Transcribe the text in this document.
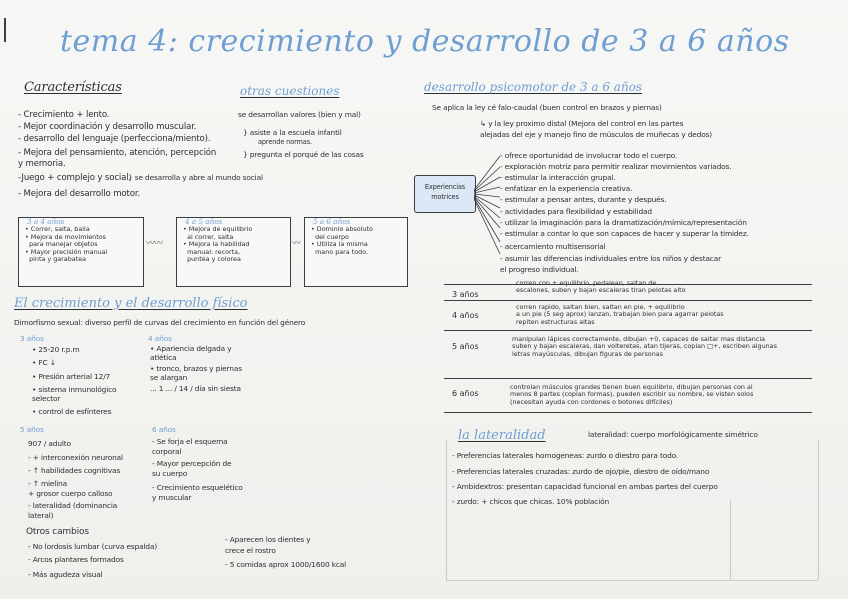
tema 4: crecimiento y desarrollo de 3 a 6 años
Características
- Crecimiento + lento.
- Mejor coordinación y desarrollo muscular.
- desarrollo del lenguaje (perfecciona/miento).
- Mejora del pensamiento, atención, percepción
y memoria.
-Juego + complejo y social.
} se desarrolla y abre al mundo social
- Mejora del desarrollo motor.
otras cuestiones
se desarrollan valores (bien y mal)
} asiste a la escuela infantil
aprende normas.
} pregunta el porqué de las cosas
3 a 4 años
• Correr, salta, baila
• Mejora de movimientos
para manejar objetos
• Mayor precisión manual
pinta y garabatea
〰〰
4 a 5 años
• Mejora de equilibrio
al correr, salta
• Mejora la habilidad
manual: recorta,
puntea y colorea
〰
5 a 6 años
• Dominio absoluto
del cuerpo
• Utiliza la misma
mano para todo.
El crecimiento y el desarrollo físico
Dimorfismo sexual: diverso perfil de curvas del crecimiento en función del género
3 años
• 25-20 r.p.m
• FC ↓
• Presión arterial 12/7
• sistema inmunológico
selector
• control de esfínteres
4 años
• Apariencia delgada y
atlética
• tronco, brazos y piernas
se alargan
... 1 ... / 14 / día sin siesta
5 años
907 / adulto
- + interconexión neuronal
- ↑ habilidades cognitivas
- ↑ mielina
+ grosor cuerpo calloso
- lateralidad (dominancia
lateral)
6 años
- Se forja el esquema
corporal
- Mayor percepción de
su cuerpo
- Crecimiento esquelético
y muscular
Otros cambios
- No lordosis lumbar (curva espalda)
- Arcos plantares formados
- Más agudeza visual
- Aparecen los dientes y
crece el rostro
- 5 comidas aprox 1000/1600 kcal
desarrollo psicomotor de 3 a 6 años
Se aplica la ley cé falo-caudal (buen control en brazos y piernas)
↳ y la ley proximo distal (Mejora del control en las partes
alejadas del eje y manejo fino de músculos de muñecas y dedos)
Experiencias motrices
- ofrece oportunidad de involucrar todo el cuerpo.
- exploración motriz para permitir realizar movimientos variados.
- estimular la interacción grupal.
- enfatizar en la experiencia creativa.
- estimular a pensar antes, durante y después.
- actividades para flexibilidad y estabilidad
- utilizar la imaginación para la dramatización/mímica/representación
- estimular a contar lo que son capaces de hacer y superar la timidez.
- acercamiento multisensorial
- asumir las diferencias individuales entre los niños y destacar
el progreso individual.
3 años
corren con + equilibrio, pedalean, saltan de
escalones, suben y bajan escaleras tiran pelotas alto
4 años
corren rapido, saltan bien, saltan en pie, + equilibrio
a un pie (5 seg aprox) lanzan, trabajan bien para agarrar pelotas
repiten estructuras altas
5 años
manipulan lápices correctamente, dibujan +0, capaces de saltar mas distancia
suben y bajan escaleras, dan volteretas, atan tijeras, copian □+, escriben algunas
letras mayúsculas, dibujan figuras de personas
6 años
controlan músculos grandes tienen buen equilibrio, dibujan personas con al
menos 8 partes (copian formas), pueden escribir su nombre, se visten solos
(necesitan ayuda con cordones o botones difíciles)
la lateralidad	lateralidad: cuerpo morfológicamente simétrico
- Preferencias laterales homogeneas: zurdo o diestro para todo.
- Preferencias laterales cruzadas: zurdo de ojo/pie, diestro de oído/mano
- Ambidextros: presentan capacidad funcional en ambas partes del cuerpo
- zurdo: + chicos que chicas. 10% población
